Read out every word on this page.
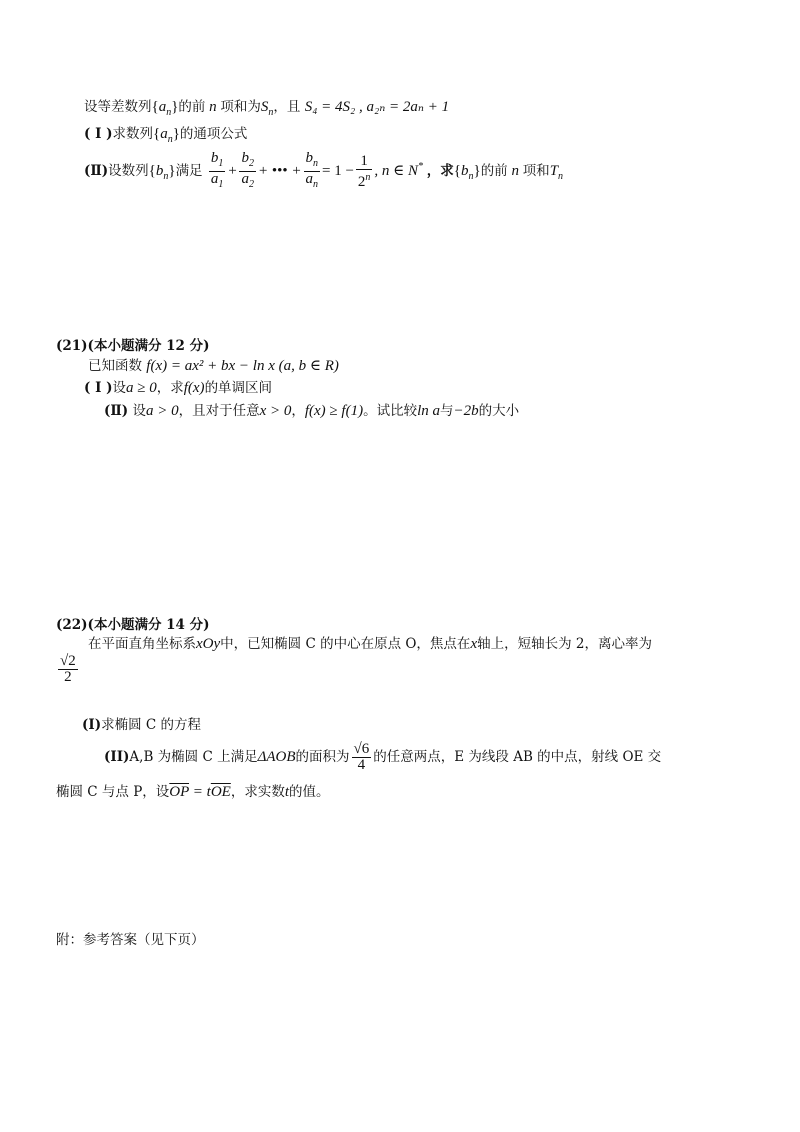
设等差数列$\{a_n\}$的前 n 项和为$S_n$，且 S₄ = 4S₂ , a₂ₙ = 2aₙ + 1
( Ⅰ )求数列$\{a_n\}$的通项公式
(Ⅱ)设数列$\{b_n\}$满足 $\frac{b_1}{a_1} + \frac{b_2}{a_2}$ + ••• + $\frac{b_n}{a_n} = 1 - \frac{1}{2^n}$ , n ∈ N* ，求$\{b_n\}$的前 n 项和$T_n$
(21)(本小题满分 12 分)
已知函数 f(x) = ax² + bx − ln x (a, b ∈ R)
( Ⅰ )设a ≥ 0，求f(x)的单调区间
(Ⅱ) 设a > 0，且对于任意x > 0，f(x) ≥ f(1)。试比较ln a与−2b的大小
(22)(本小题满分 14 分)
在平面直角坐标系xOy中，已知椭圆 C 的中心在原点 O，焦点在x轴上，短轴长为 2，离心率为
$\frac{√2}{2}$
(I)求椭圆 C 的方程
(II)A,B 为椭圆 C 上满足ΔAOB的面积为 $\frac{√6}{4}$ 的任意两点，E 为线段 AB 的中点，射线 OE 交
椭圆 C 与点 P，设$\overline{OP} = t\overline{OE}$，求实数t的值。
附：参考答案（见下页）
